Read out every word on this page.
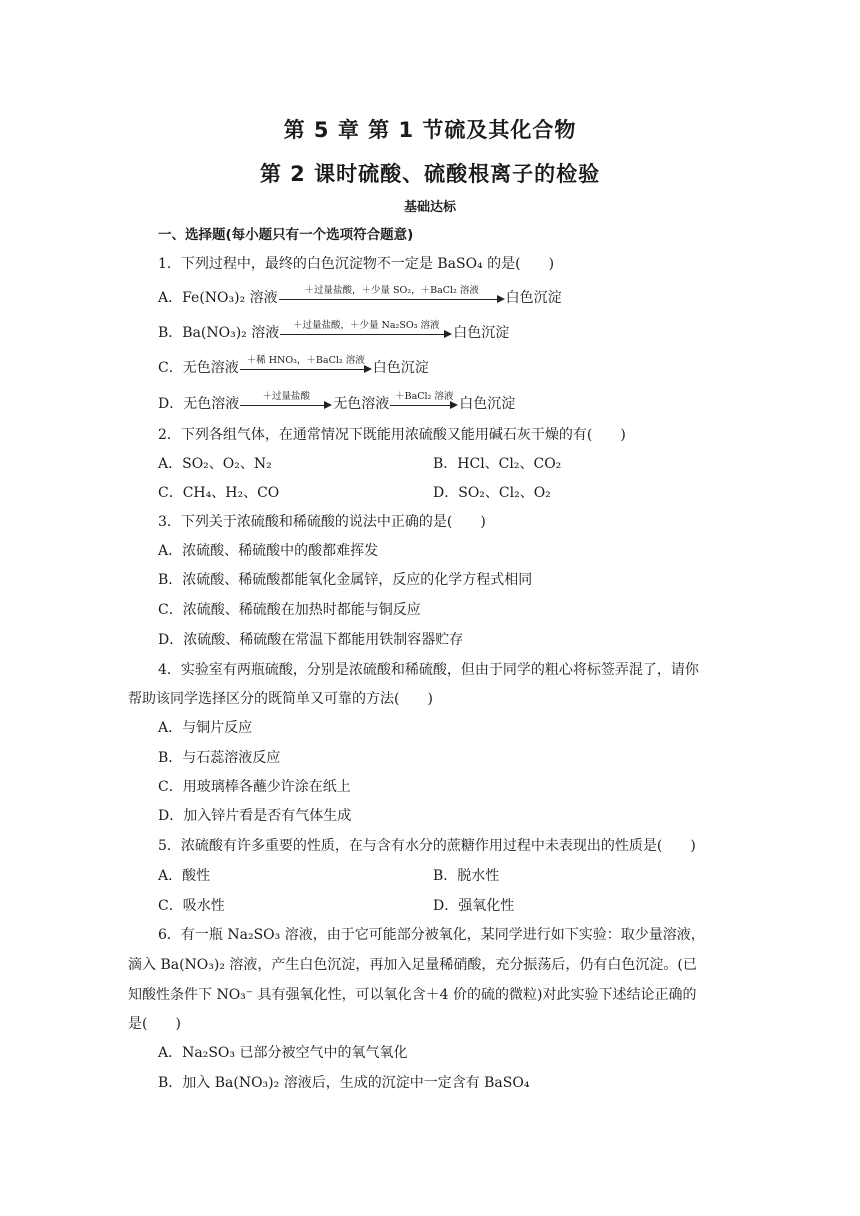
第 5 章 第 1 节硫及其化合物
第 2 课时硫酸、硫酸根离子的检验
基础达标
一、选择题(每小题只有一个选项符合题意)
1．下列过程中，最终的白色沉淀物不一定是 BaSO₄ 的是(　　)
A．Fe(NO₃)₂ 溶液	＋过量盐酸，＋少量 SO₂，＋BaCl₂ 溶液	白色沉淀
B．Ba(NO₃)₂ 溶液	＋过量盐酸，＋少量 Na₂SO₃ 溶液 白色沉淀
C．无色溶液 ＋稀 HNO₃，＋BaCl₂ 溶液 白色沉淀
D．无色溶液	＋过量盐酸	无色溶液 ＋BaCl₂ 溶液 白色沉淀
2．下列各组气体，在通常情况下既能用浓硫酸又能用碱石灰干燥的有(　　)
A．SO₂、O₂、N₂	B．HCl、Cl₂、CO₂
C．CH₄、H₂、CO	D．SO₂、Cl₂、O₂
3．下列关于浓硫酸和稀硫酸的说法中正确的是(　　)
A．浓硫酸、稀硫酸中的酸都难挥发
B．浓硫酸、稀硫酸都能氧化金属锌，反应的化学方程式相同
C．浓硫酸、稀硫酸在加热时都能与铜反应
D．浓硫酸、稀硫酸在常温下都能用铁制容器贮存
4．实验室有两瓶硫酸，分别是浓硫酸和稀硫酸，但由于同学的粗心将标签弄混了，请你
帮助该同学选择区分的既简单又可靠的方法(　　)
A．与铜片反应
B．与石蕊溶液反应
C．用玻璃棒各蘸少许涂在纸上
D．加入锌片看是否有气体生成
5．浓硫酸有许多重要的性质，在与含有水分的蔗糖作用过程中未表现出的性质是(　　)
A．酸性	B．脱水性
C．吸水性	D．强氧化性
6．有一瓶 Na₂SO₃ 溶液，由于它可能部分被氧化，某同学进行如下实验：取少量溶液，
滴入 Ba(NO₃)₂ 溶液，产生白色沉淀，再加入足量稀硝酸，充分振荡后，仍有白色沉淀。(已
知酸性条件下 NO₃⁻ 具有强氧化性，可以氧化含＋4 价的硫的微粒)对此实验下述结论正确的
是(　　)
A．Na₂SO₃ 已部分被空气中的氧气氧化
B．加入 Ba(NO₃)₂ 溶液后，生成的沉淀中一定含有 BaSO₄
